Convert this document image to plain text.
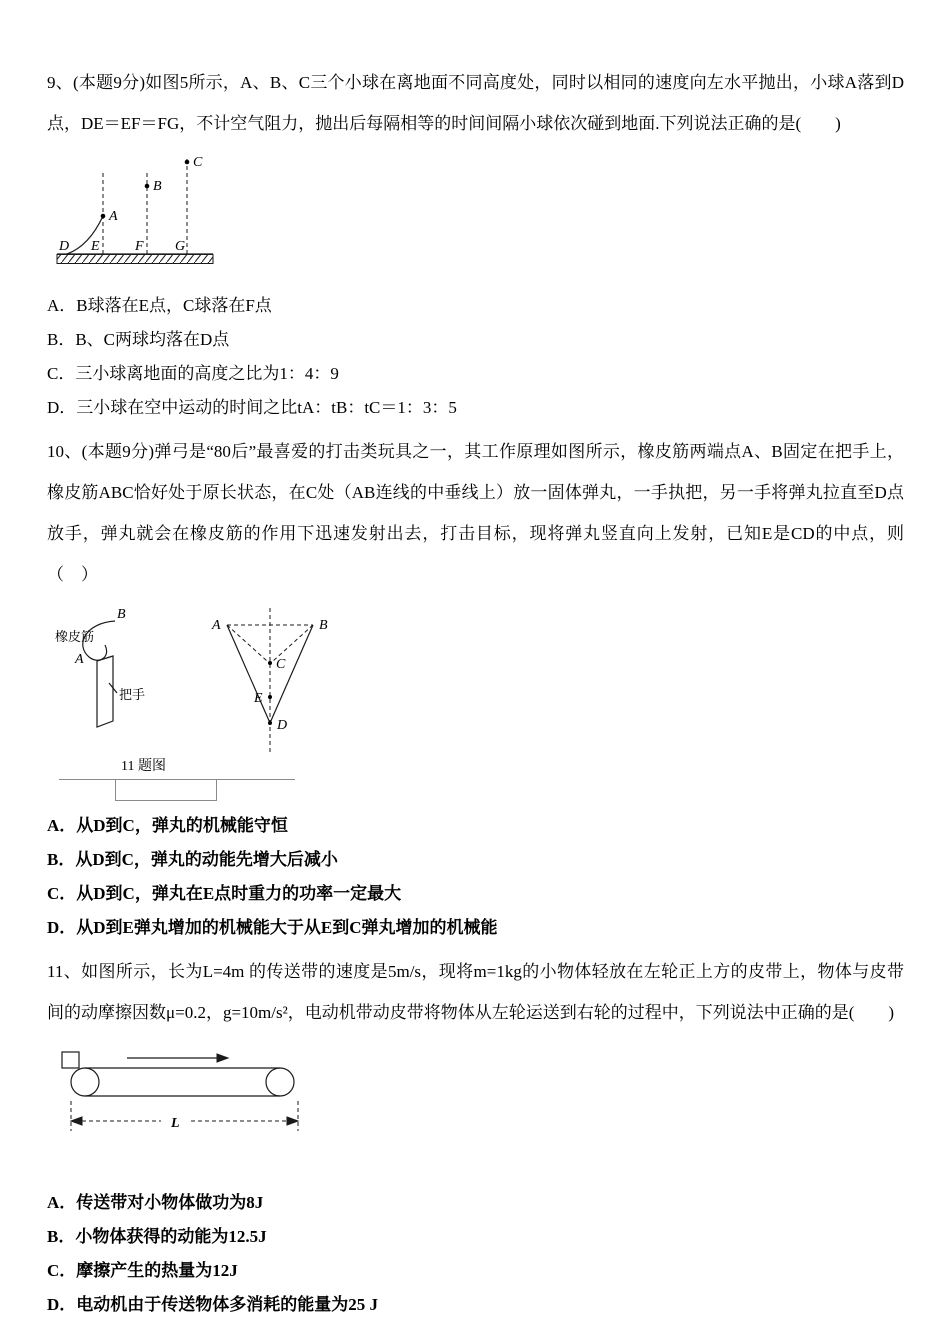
9、(本题9分)如图5所示，A、B、C三个小球在离地面不同高度处，同时以相同的速度向左水平抛出，小球A落到D点，DE＝EF＝FG，不计空气阻力，抛出后每隔相等的时间间隔小球依次碰到地面.下列说法正确的是(　　)

A
B
C
D E	F G

A．B球落在E点，C球落在F点

B．B、C两球均落在D点

C．三小球离地面的高度之比为1：4：9

D．三小球在空中运动的时间之比tA：tB：tC＝1：3：5

10、(本题9分)弹弓是“80后”最喜爱的打击类玩具之一，其工作原理如图所示，橡皮筋两端点A、B固定在把手上，橡皮筋ABC恰好处于原长状态，在C处（AB连线的中垂线上）放一固体弹丸，一手执把，另一手将弹丸拉直至D点放手，弹丸就会在橡皮筋的作用下迅速发射出去，打击目标，现将弹丸竖直向上发射，已知E是CD的中点，则（　）

橡皮筋
B
A
把手
A	B
C
E
D
11 题图

A．从D到C，弹丸的机械能守恒

B．从D到C，弹丸的动能先增大后减小

C．从D到C，弹丸在E点时重力的功率一定最大

D．从D到E弹丸增加的机械能大于从E到C弹丸增加的机械能

11、如图所示，长为L=4m 的传送带的速度是5m/s，现将m=1kg的小物体轻放在左轮正上方的皮带上，物体与皮带间的动摩擦因数μ=0.2，g=10m/s²，电动机带动皮带将物体从左轮运送到右轮的过程中，下列说法中正确的是(　　)

L

A．传送带对小物体做功为8J

B．小物体获得的动能为12.5J

C．摩擦产生的热量为12J

D．电动机由于传送物体多消耗的能量为25 J
